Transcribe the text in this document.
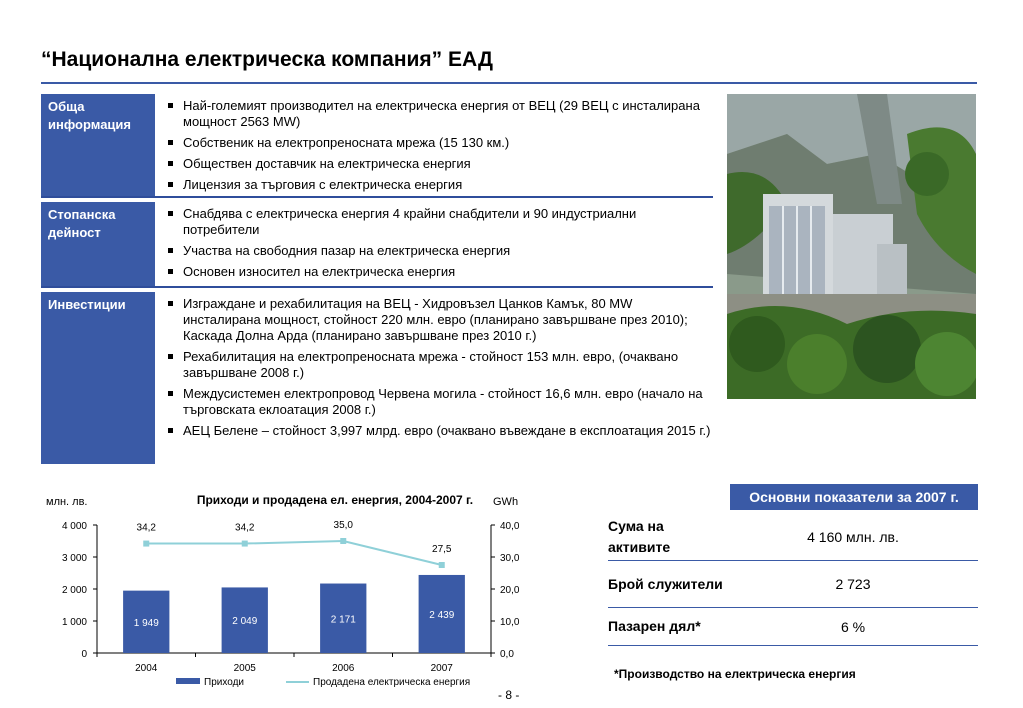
“Национална електрическа компания” ЕАД
Обща информация
Най-големият производител на електрическа енергия от ВЕЦ (29 ВЕЦ с инсталирана мощност 2563 MW)
Собственик на електропреносната мрежа (15 130 км.)
Обществен доставчик на електрическа енергия
Лицензия за търговия с електрическа енергия
Стопанска дейност
Снабдява с електрическа енергия 4 крайни снабдители и 90 индустриални потребители
Участва на свободния пазар на електрическа енергия
Основен износител на електрическа енергия
Инвестиции	Изграждане и рехабилитация на ВЕЦ - Хидровъзел Цанков Камък, 80 MW инсталирана мощност, стойност 220 млн. евро (планирано завършване през 2010); Каскада Долна Арда (планирано завършване през 2010 г.)
Рехабилитация на електропреносната мрежа - стойност 153 млн. евро, (очаквано завършване 2008 г.)
Междусистемен електропровод Червена могила - стойност 16,6 млн. евро (начало на търговската еклоатация 2008 г.)
АЕЦ Белене – стойност 3,997 млрд. евро (очаквано въвеждане в експлоатация 2015 г.)
Приходи и продадена ел. енергия, 2004-2007 г.
млн. лв.	GWh
0	0,0
1 000	10,0
2 000	20,0
3 000	30,0
4 000	40,0
1 949
2004
2 049
2005
2 171
2006
2 439
2007
34,2	34,2	35,0
27,5
Приходи	Продадена електрическа енергия
Основни показатели за 2007 г.
Сума на активите
4 160 млн. лв.
Брой служители	2 723
Пазарен дял*	6 %
*Производство на електрическа енергия
- 8 -
